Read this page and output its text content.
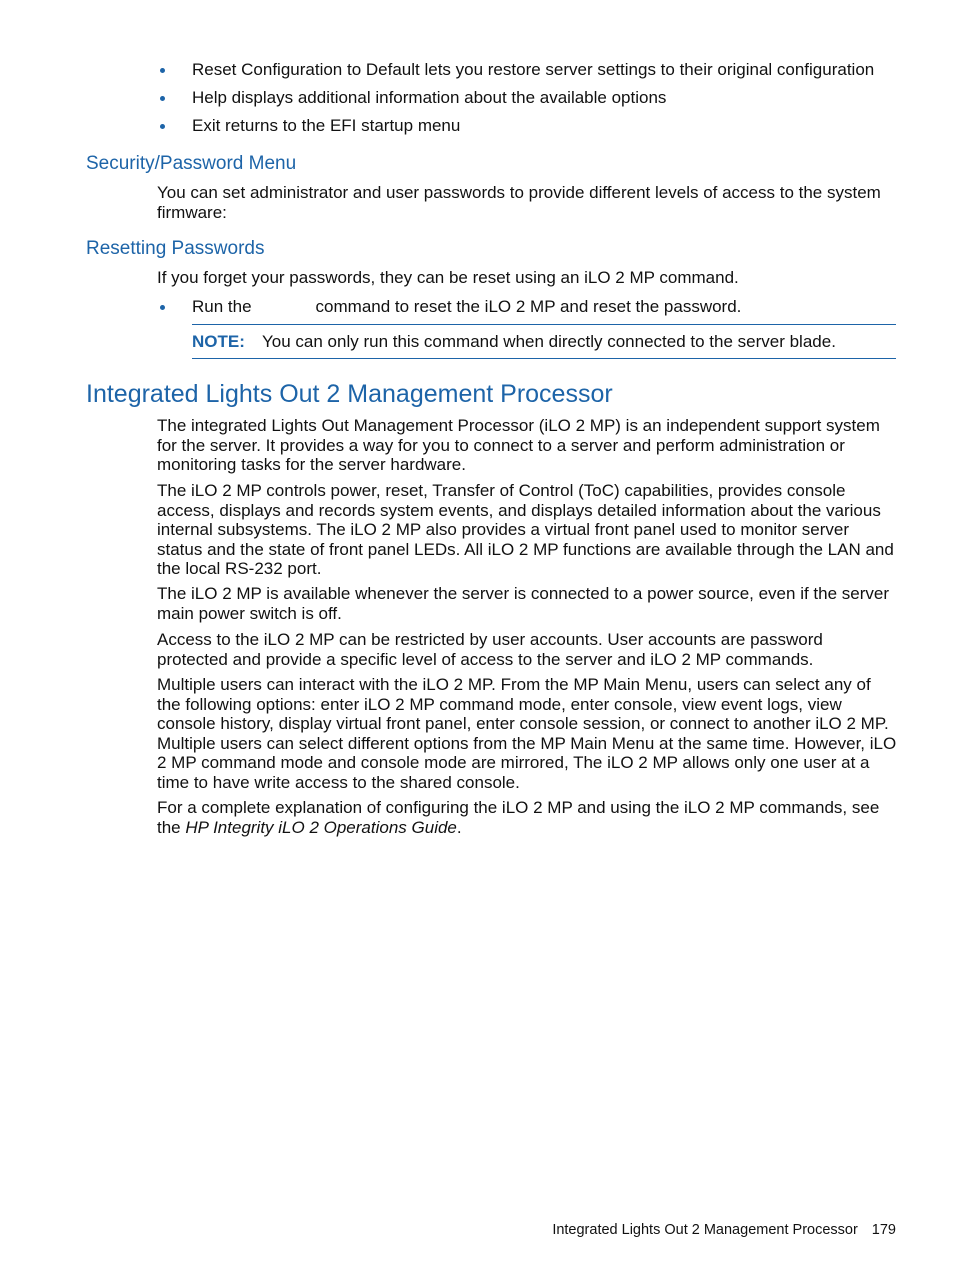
Reset Configuration to Default lets you restore server settings to their original configuration
Help displays additional information about the available options
Exit returns to the EFI startup menu
Security/Password Menu

You can set administrator and user passwords to provide different levels of access to the system firmware:

Resetting Passwords

If you forget your passwords, they can be reset using an iLO 2 MP command.

Run the	command to reset the iLO 2 MP and reset the password.
NOTE: You can only run this command when directly connected to the server blade.
Integrated Lights Out 2 Management Processor

The integrated Lights Out Management Processor (iLO 2 MP) is an independent support system for the server. It provides a way for you to connect to a server and perform administration or monitoring tasks for the server hardware.

The iLO 2 MP controls power, reset, Transfer of Control (ToC) capabilities, provides console access, displays and records system events, and displays detailed information about the various internal subsystems. The iLO 2 MP also provides a virtual front panel used to monitor server status and the state of front panel LEDs. All iLO 2 MP functions are available through the LAN and the local RS-232 port.

The iLO 2 MP is available whenever the server is connected to a power source, even if the server main power switch is off.

Access to the iLO 2 MP can be restricted by user accounts. User accounts are password protected and provide a specific level of access to the server and iLO 2 MP commands.

Multiple users can interact with the iLO 2 MP. From the MP Main Menu, users can select any of the following options: enter iLO 2 MP command mode, enter console, view event logs, view console history, display virtual front panel, enter console session, or connect to another iLO 2 MP. Multiple users can select different options from the MP Main Menu at the same time. However, iLO 2 MP command mode and console mode are mirrored, The iLO 2 MP allows only one user at a time to have write access to the shared console.

For a complete explanation of configuring the iLO 2 MP and using the iLO 2 MP commands, see the HP Integrity iLO 2 Operations Guide.

Integrated Lights Out 2 Management Processor 179
